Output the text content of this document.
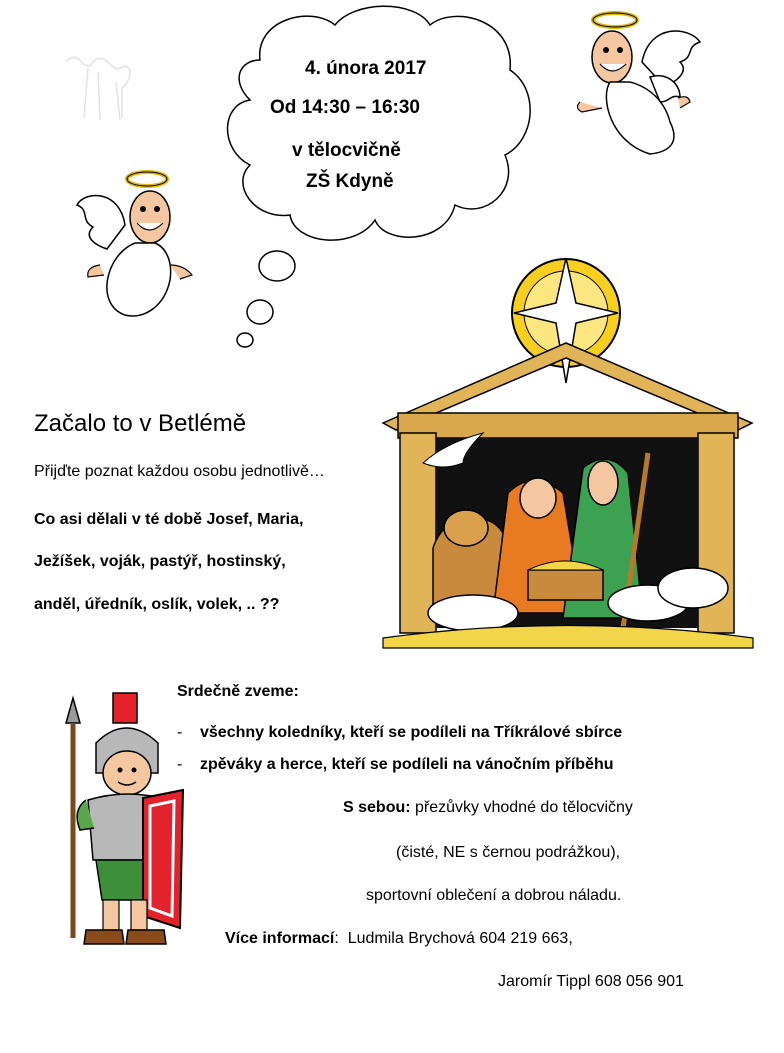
4. února 2017
Od 14:30 – 16:30
v tělocvičně
ZŠ Kdyně
Začalo to v Betlémě
Přijďte poznat každou osobu jednotlivě…
Co asi dělali v té době Josef, Maria,
Ježíšek, voják, pastýř, hostinský,
anděl, úředník, oslík, volek, .. ??
Srdečně zveme:
- všechny koledníky, kteří se podíleli na Tříkrálové sbírce
- zpěváky a herce, kteří se podíleli na vánočním příběhu
S sebou: přezůvky vhodné do tělocvičny
(čisté, NE s černou podrážkou),
sportovní oblečení a dobrou náladu.
Více informací:  Ludmila Brychová 604 219 663,
Jaromír Tippl 608 056 901
